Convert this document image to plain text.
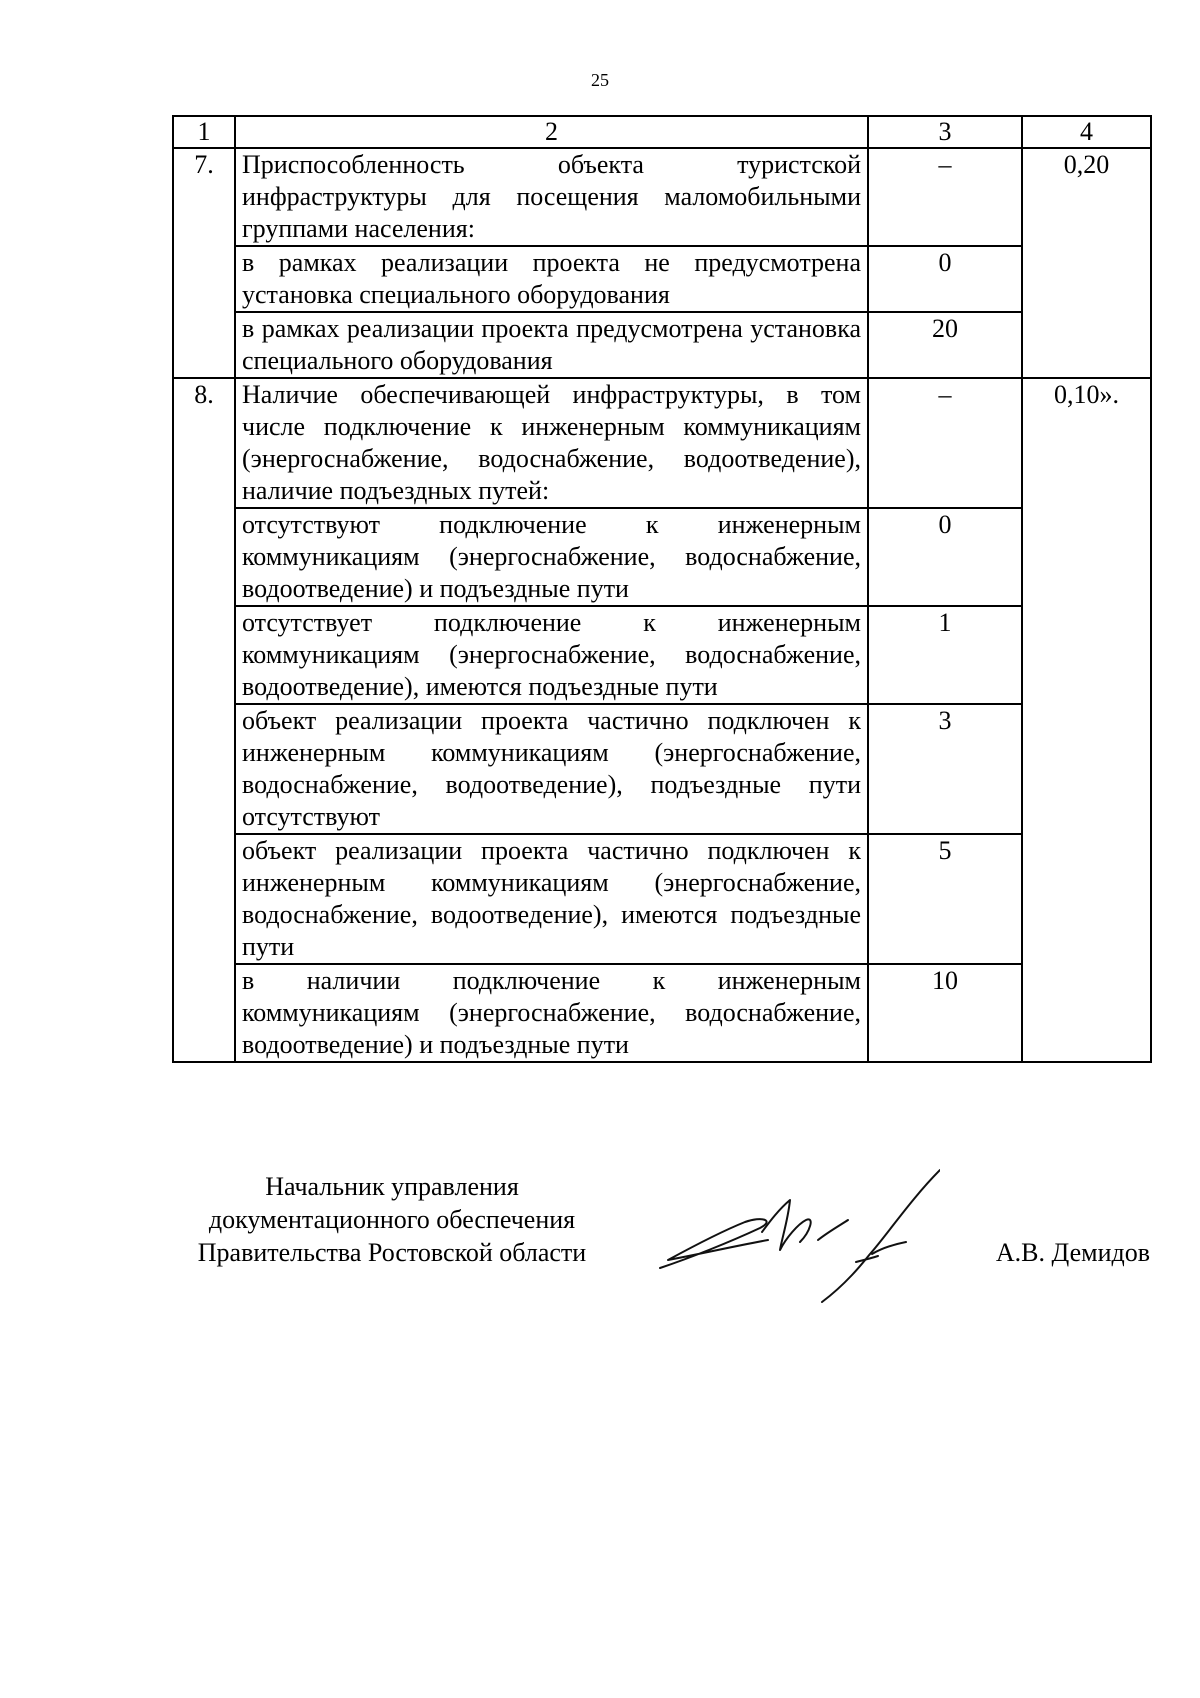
25
1	2	3	4
7.	Приспособленность объекта туристской инфраструктуры для посещения маломобильными группами населения:	–	0,20
	в рамках реализации проекта не предусмотрена установка специального оборудования	0	
	в рамках реализации проекта предусмотрена установка специального оборудования	20	
8.	Наличие обеспечивающей инфраструктуры, в том числе подключение к инженерным коммуникациям (энергоснабжение, водоснабжение, водоотведение), наличие подъездных путей:	–	0,10».
	отсутствуют подключение к инженерным коммуникациям (энергоснабжение, водоснабжение, водоотведение) и подъездные пути	0	
	отсутствует подключение к инженерным коммуникациям (энергоснабжение, водоснабжение, водоотведение), имеются подъездные пути	1	
	объект реализации проекта частично подключен к инженерным коммуникациям (энергоснабжение, водоснабжение, водоотведение), подъездные пути отсутствуют	3	
	объект реализации проекта частично подключен к инженерным коммуникациям (энергоснабжение, водоснабжение, водоотведение), имеются подъездные пути	5	
	в наличии подключение к инженерным коммуникациям (энергоснабжение, водоснабжение, водоотведение) и подъездные пути	10	
Начальник управления
документационного обеспечения
Правительства Ростовской области	А.В. Демидов
